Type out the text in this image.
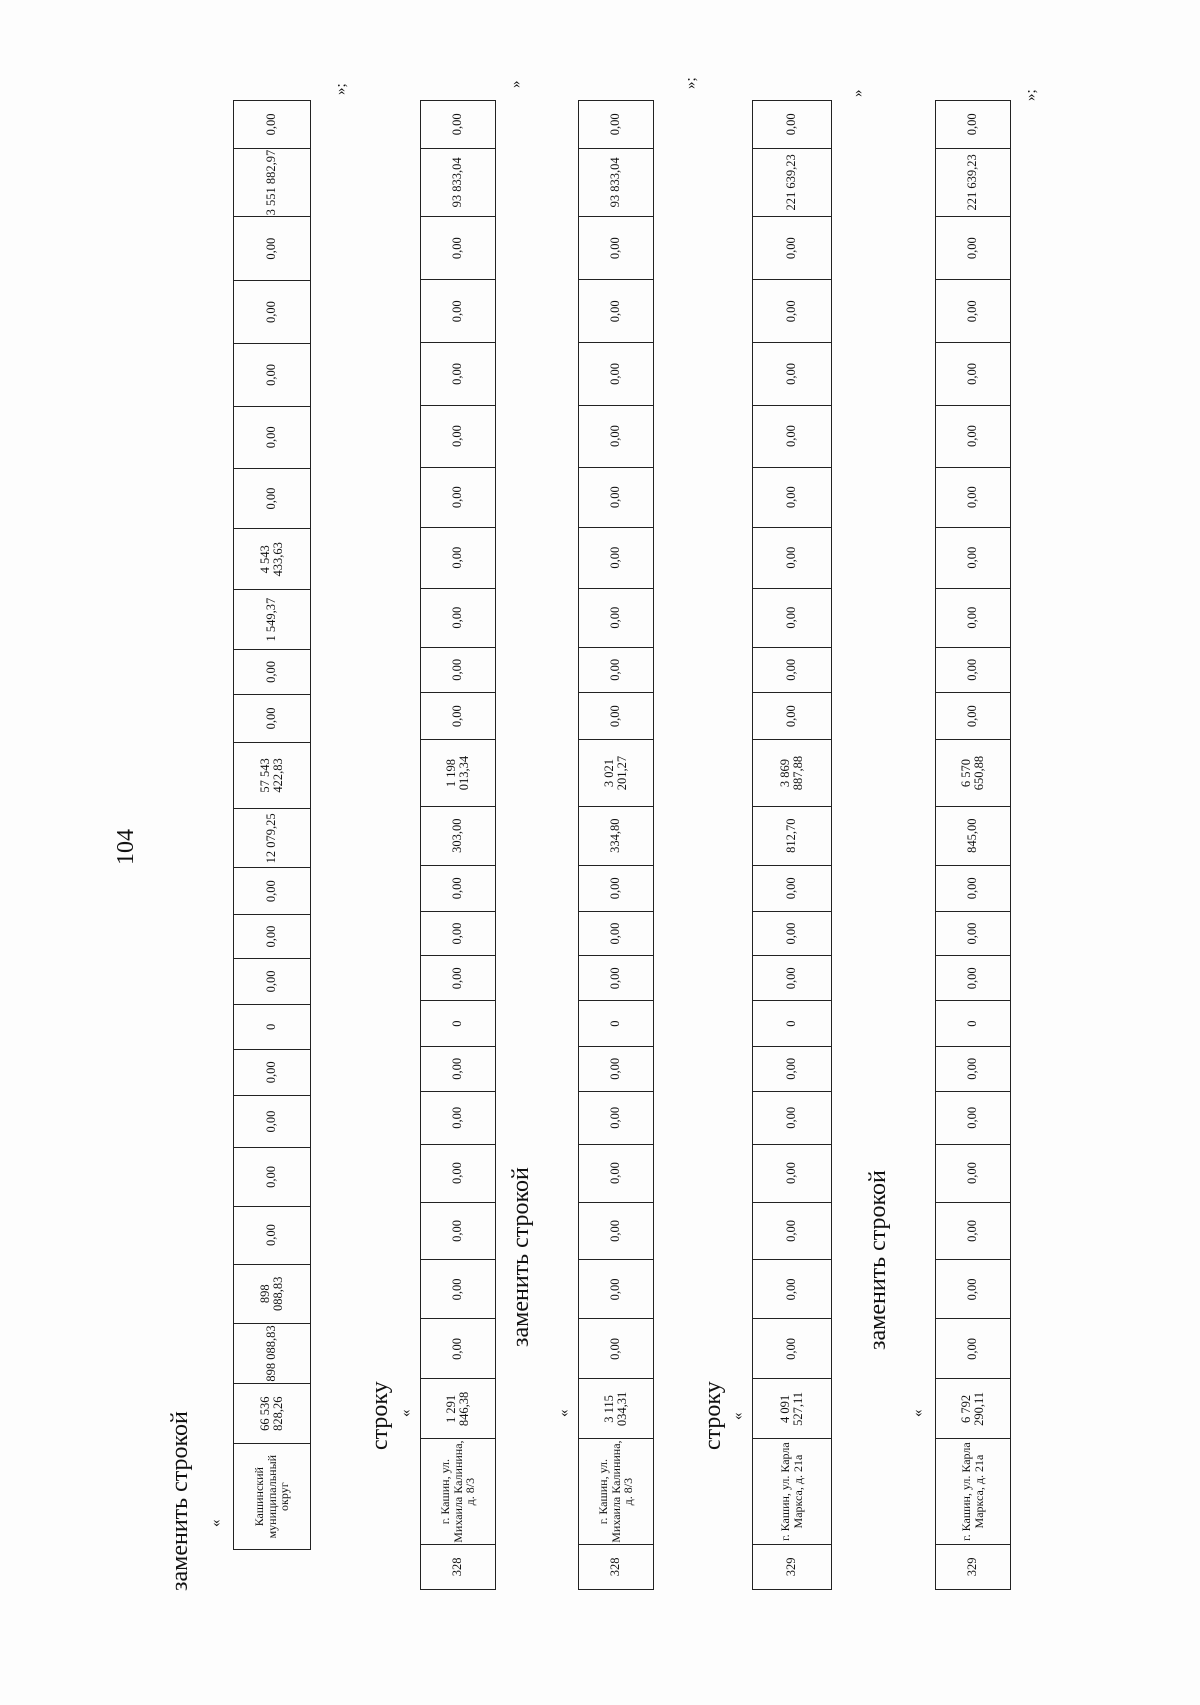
104
заменить строкой « Кашинский муниципальный округ	66 536 828,26	898 088,83	898 088,83	0,00	0,00	0,00	0,00	0	0,00	0,00	0,00	12 079,25	57 543 422,83	0,00	0,00	1 549,37	4 543 433,63	0,00	0,00	0,00	0,00	0,00	3 551 882,97	0,00
»;
строку «
328	г. Кашин, ул. Михаила Калинина, д. 8/3	1 291 846,38	0,00	0,00	0,00	0,00	0,00	0,00	0	0,00	0,00	0,00	303,00	1 198 013,34	0,00	0,00	0,00	0,00	0,00	0,00	0,00	0,00	0,00	93 833,04	0,00
»
заменить строкой
«
328	г. Кашин, ул. Михаила Калинина, д. 8/3	3 115 034,31	0,00	0,00	0,00	0,00	0,00	0,00	0	0,00	0,00	0,00	334,80	3 021 201,27	0,00	0,00	0,00	0,00	0,00	0,00	0,00	0,00	0,00	93 833,04	0,00
»;
строку «
329	г. Кашин, ул. Карла Маркса, д. 21а	4 091 527,11	0,00	0,00	0,00	0,00	0,00	0,00	0	0,00	0,00	0,00	812,70	3 869 887,88	0,00	0,00	0,00	0,00	0,00	0,00	0,00	0,00	0,00	221 639,23	0,00
»
заменить строкой
«
329	г. Кашин, ул. Карла Маркса, д. 21а	6 792 290,11	0,00	0,00	0,00	0,00	0,00	0,00	0	0,00	0,00	0,00	845,00	6 570 650,88	0,00	0,00	0,00	0,00	0,00	0,00	0,00	0,00	0,00	221 639,23	0,00
»;
